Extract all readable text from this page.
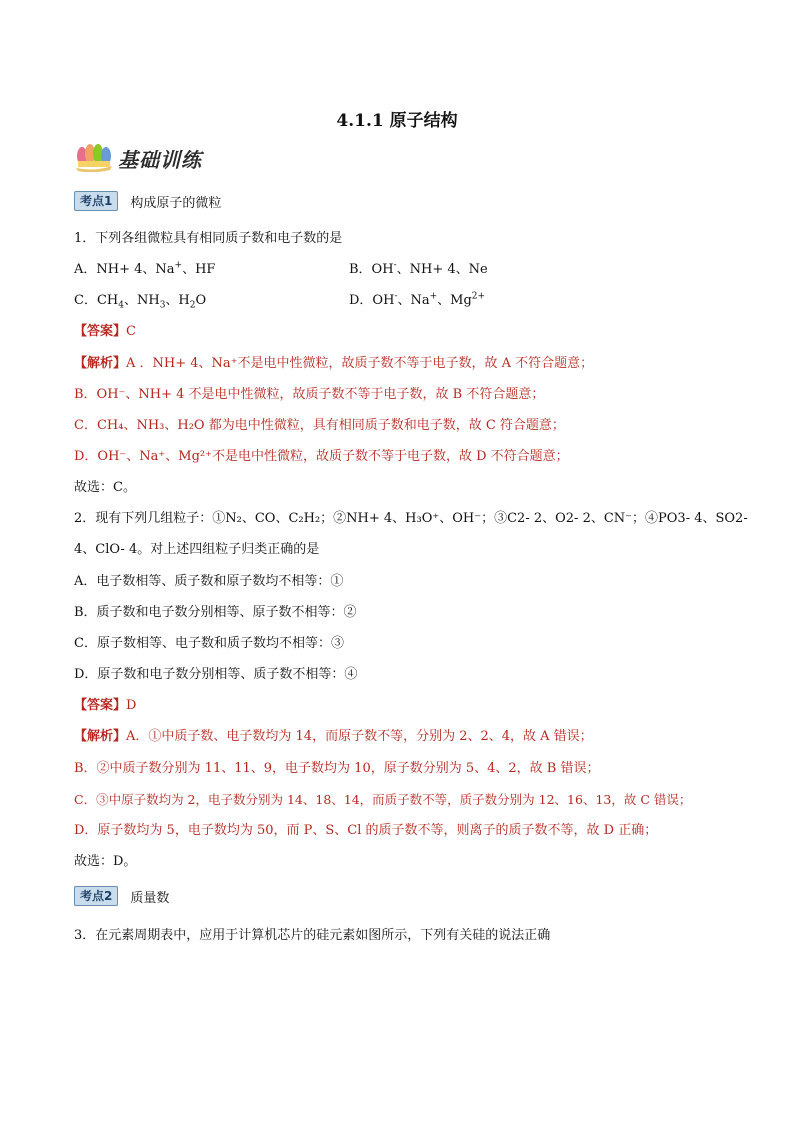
4.1.1 原子结构
基础训练
考点1	构成原子的微粒
1．下列各组微粒具有相同质子数和电子数的是
A．NH+ 4、Na+、HF	B．OH-、NH+ 4、Ne
C．$CH_4$、$NH_3$、$H_2O$	D．OH-、Na+、$Mg^{2+}$
【答案】C
【解析】A ．NH+ 4、Na⁺不是电中性微粒，故质子数不等于电子数，故 A 不符合题意；
B．OH⁻、NH+ 4 不是电中性微粒，故质子数不等于电子数，故 B 不符合题意；
C．CH₄、NH₃、H₂O 都为电中性微粒，具有相同质子数和电子数，故 C 符合题意；
D．OH⁻、Na⁺、Mg²⁺不是电中性微粒，故质子数不等于电子数，故 D 不符合题意；
故选：C。
2．现有下列几组粒子：①N₂、CO、C₂H₂；②NH+ 4、H₃O⁺、OH⁻；③C2- 2、O2- 2、CN⁻；④PO3- 4、SO2-
4、ClO- 4。对上述四组粒子归类正确的是
A．电子数相等、质子数和原子数均不相等：①
B．质子数和电子数分别相等、原子数不相等：②
C．原子数相等、电子数和质子数均不相等：③
D．原子数和电子数分别相等、质子数不相等：④
【答案】D
【解析】A．①中质子数、电子数均为 14，而原子数不等，分别为 2、2、4，故 A 错误；
B．②中质子数分别为 11、11、9，电子数均为 10，原子数分别为 5、4、2，故 B 错误；
C．③中原子数均为 2，电子数分别为 14、18、14，而质子数不等，质子数分别为 12、16、13，故 C 错误；
D．原子数均为 5，电子数均为 50，而 P、S、Cl 的质子数不等，则离子的质子数不等，故 D 正确；
故选：D。
考点2	质量数
3．在元素周期表中，应用于计算机芯片的硅元素如图所示，下列有关硅的说法正确
